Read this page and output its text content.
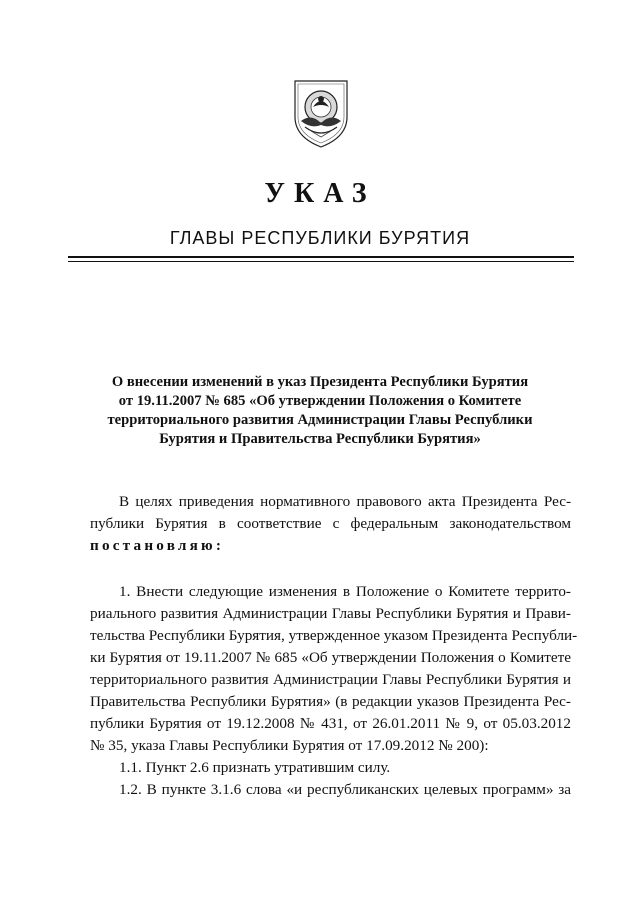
УКАЗ
ГЛАВЫ РЕСПУБЛИКИ БУРЯТИЯ
О внесении изменений в указ Президента Республики Бурятия
от 19.11.2007 № 685 «Об утверждении Положения о Комитете
территориального развития Администрации Главы Республики
Бурятия и Правительства Республики Бурятия»
В целях приведения нормативного правового акта Президента Рес-
публики Бурятия в соответствие с федеральным законодательством
постановляю:
1. Внести следующие изменения в Положение о Комитете террито-
риального развития Администрации Главы Республики Бурятия и Прави-
тельства Республики Бурятия, утвержденное указом Президента Республи-
ки Бурятия от 19.11.2007 № 685 «Об утверждении Положения о Комитете
территориального развития Администрации Главы Республики Бурятия и
Правительства Республики Бурятия» (в редакции указов Президента Рес-
публики Бурятия от 19.12.2008 № 431, от 26.01.2011 № 9, от 05.03.2012
№ 35, указа Главы Республики Бурятия от 17.09.2012 № 200):
1.1. Пункт 2.6 признать утратившим силу.
1.2. В пункте 3.1.6 слова «и республиканских целевых программ» за
